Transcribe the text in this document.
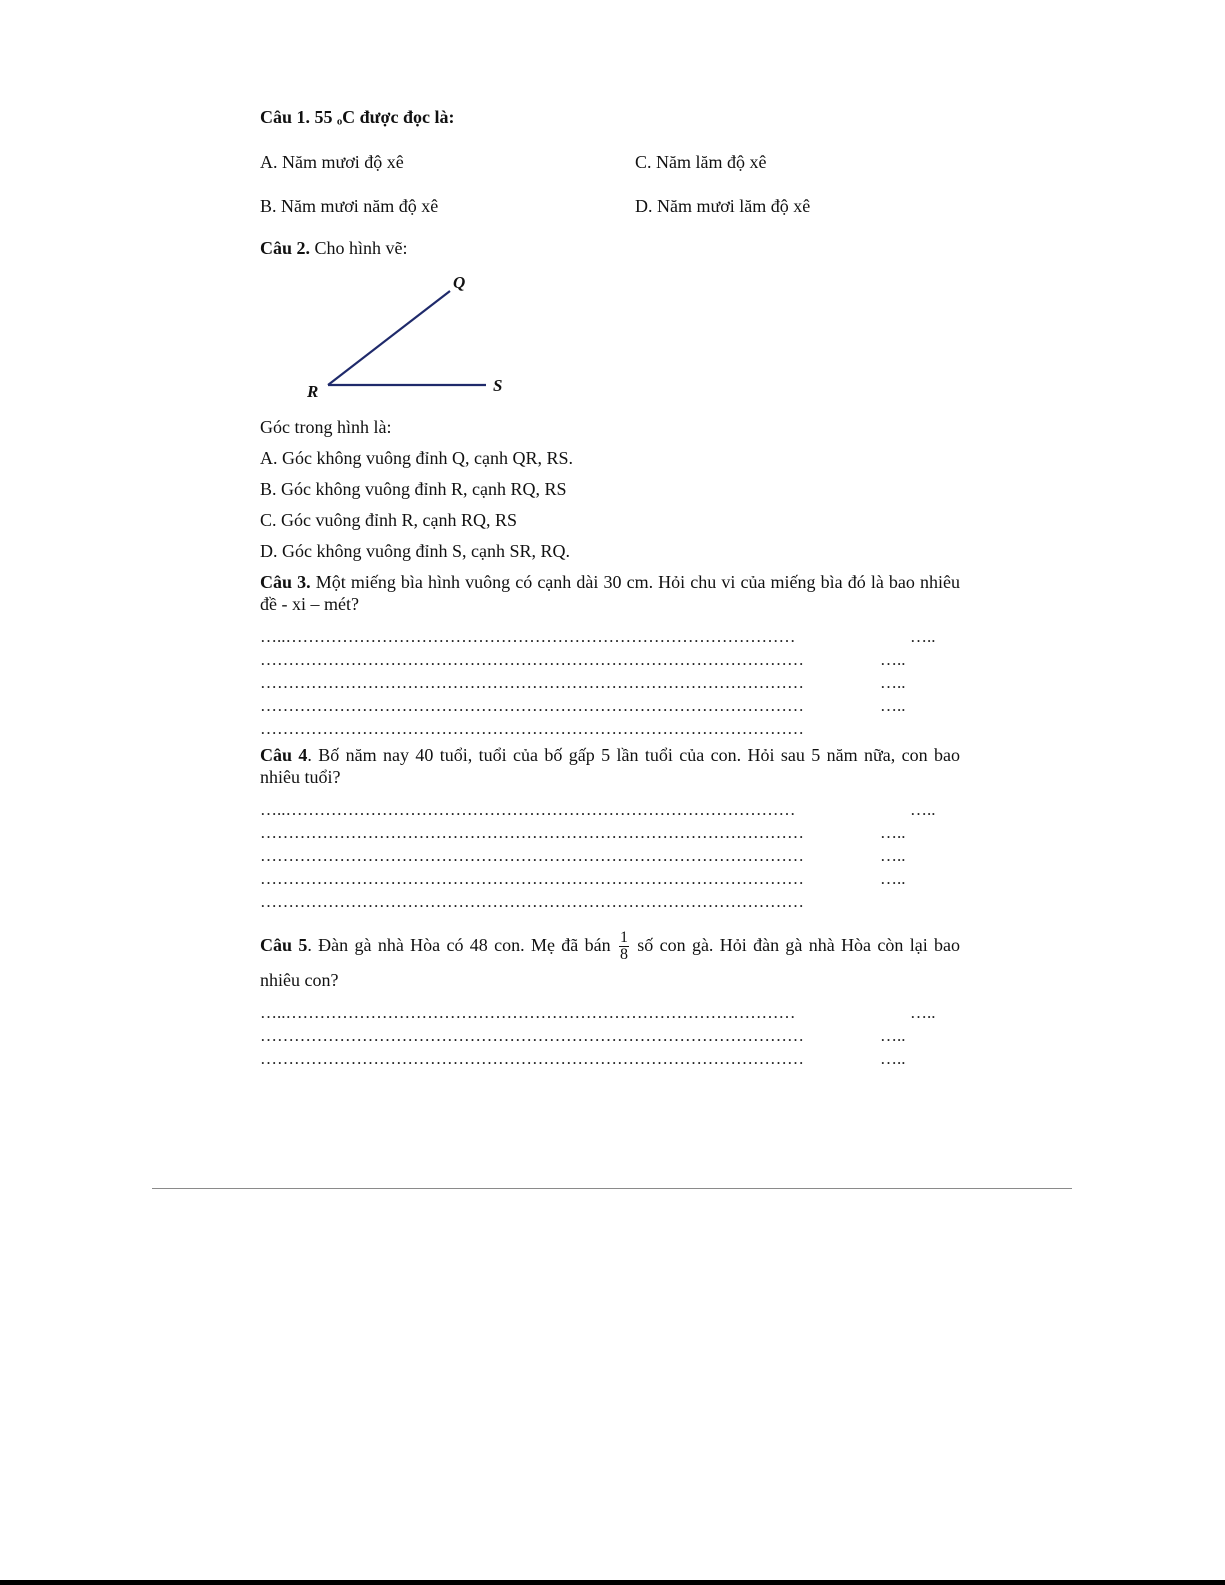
Câu 1. 55 ₒC được đọc là:
A. Năm mươi độ xê	C. Năm lăm độ xê
B. Năm mươi năm độ xê	D. Năm mươi lăm độ xê
Câu 2. Cho hình vẽ:
Q
R	S
Góc trong hình là:
A. Góc không vuông đỉnh Q, cạnh QR, RS.
B. Góc không vuông đỉnh R, cạnh RQ, RS
C. Góc vuông đỉnh R, cạnh RQ, RS
D. Góc không vuông đỉnh S, cạnh SR, RQ.
Câu 3. Một miếng bìa hình vuông có cạnh dài 30 cm. Hỏi chu vi của miếng bìa đó là bao nhiêu đề - xi – mét?
…..………………………………………………………………………………	…..
……………………………………………………………………………………	…..
……………………………………………………………………………………	…..
……………………………………………………………………………………	…..
……………………………………………………………………………………
Câu 4. Bố năm nay 40 tuổi, tuổi của bố gấp 5 lần tuổi của con. Hỏi sau 5 năm nữa, con bao nhiêu tuổi?
…..………………………………………………………………………………	…..
……………………………………………………………………………………	…..
……………………………………………………………………………………	…..
……………………………………………………………………………………	…..
……………………………………………………………………………………
Câu 5. Đàn gà nhà Hòa có 48 con. Mẹ đã bán $\frac{1}{8}$ số con gà. Hỏi đàn gà nhà Hòa còn lại bao nhiêu con?
…..………………………………………………………………………………	…..
……………………………………………………………………………………	…..
……………………………………………………………………………………	…..
